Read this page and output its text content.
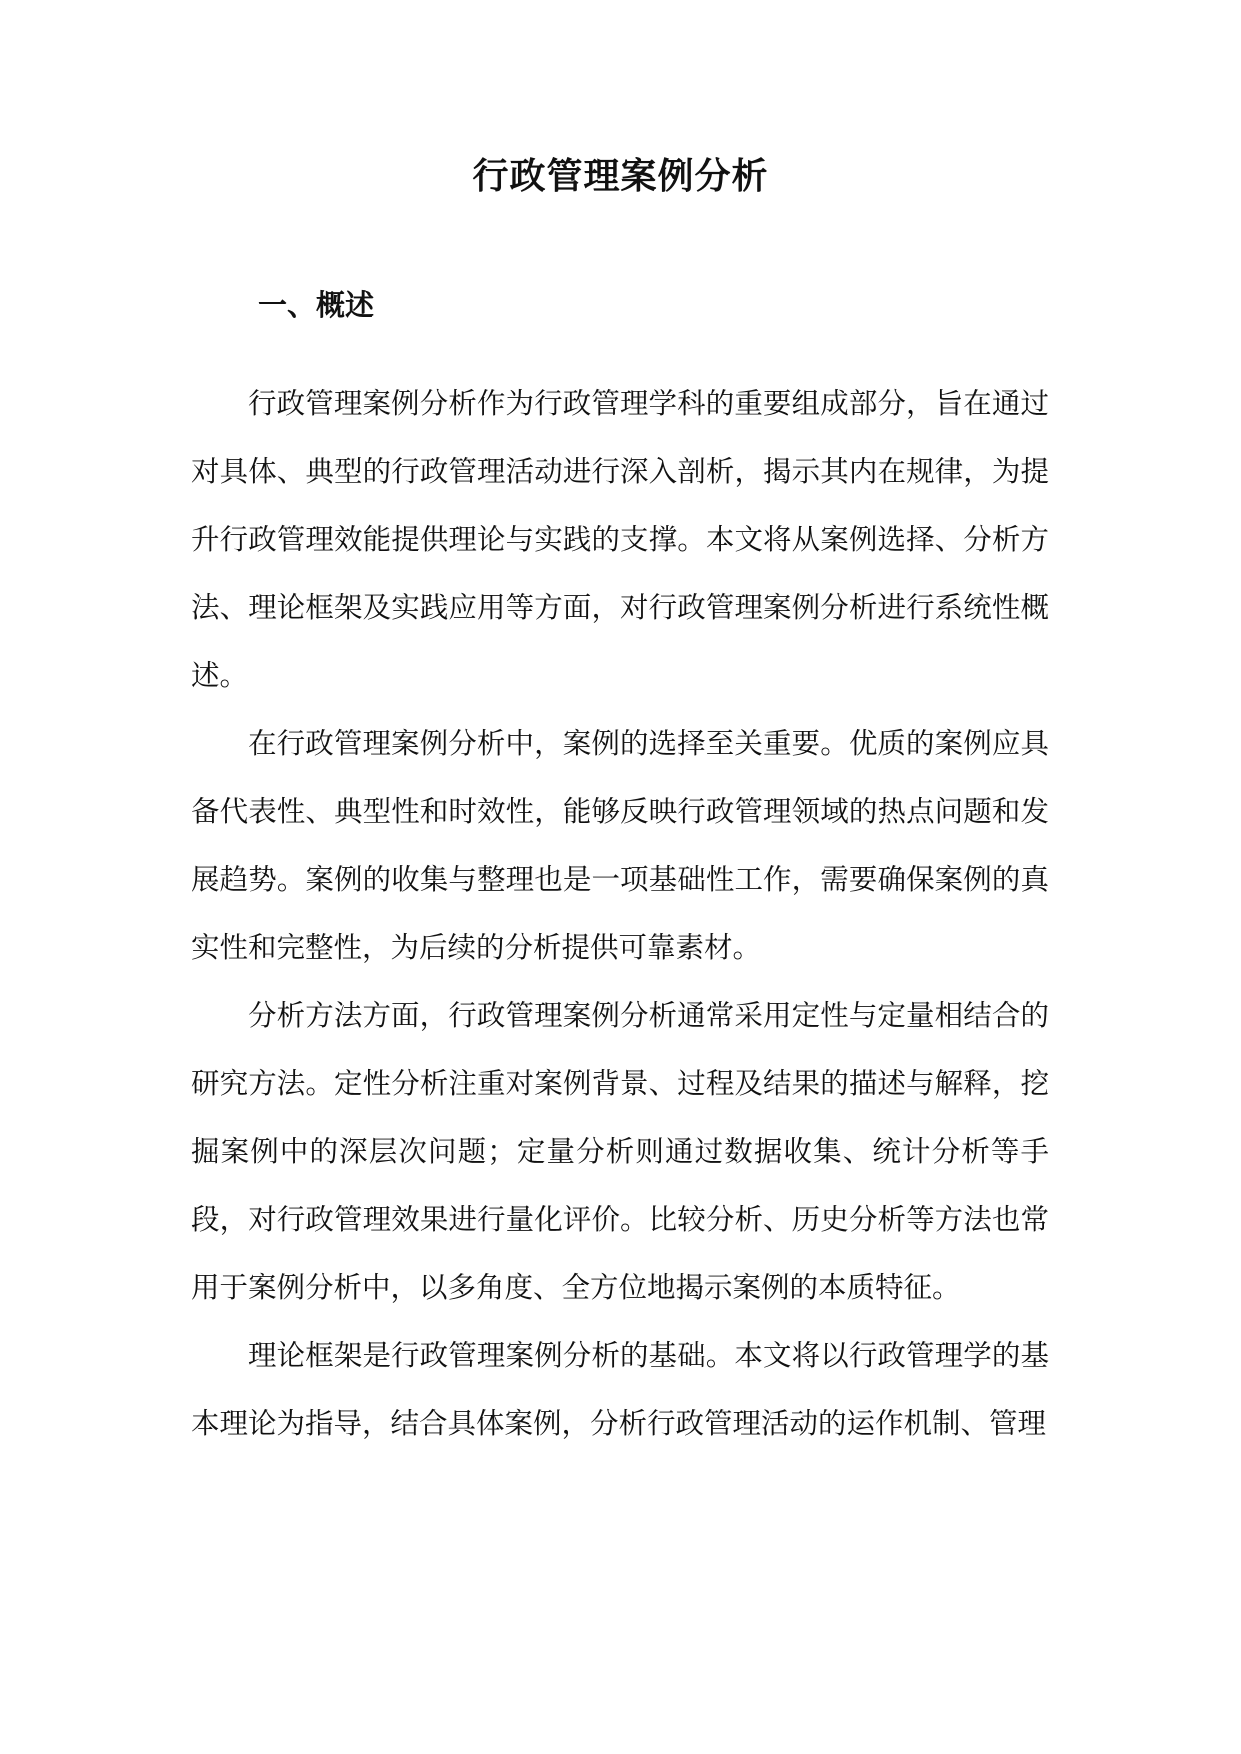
行政管理案例分析
一、概述

行政管理案例分析作为行政管理学科的重要组成部分，旨在通过对具体、典型的行政管理活动进行深入剖析，揭示其内在规律，为提升行政管理效能提供理论与实践的支撑。本文将从案例选择、分析方法、理论框架及实践应用等方面，对行政管理案例分析进行系统性概述。

在行政管理案例分析中，案例的选择至关重要。优质的案例应具备代表性、典型性和时效性，能够反映行政管理领域的热点问题和发展趋势。案例的收集与整理也是一项基础性工作，需要确保案例的真实性和完整性，为后续的分析提供可靠素材。

分析方法方面，行政管理案例分析通常采用定性与定量相结合的研究方法。定性分析注重对案例背景、过程及结果的描述与解释，挖掘案例中的深层次问题；定量分析则通过数据收集、统计分析等手段，对行政管理效果进行量化评价。比较分析、历史分析等方法也常用于案例分析中，以多角度、全方位地揭示案例的本质特征。

理论框架是行政管理案例分析的基础。本文将以行政管理学的基本理论为指导，结合具体案例，分析行政管理活动的运作机制、管理
